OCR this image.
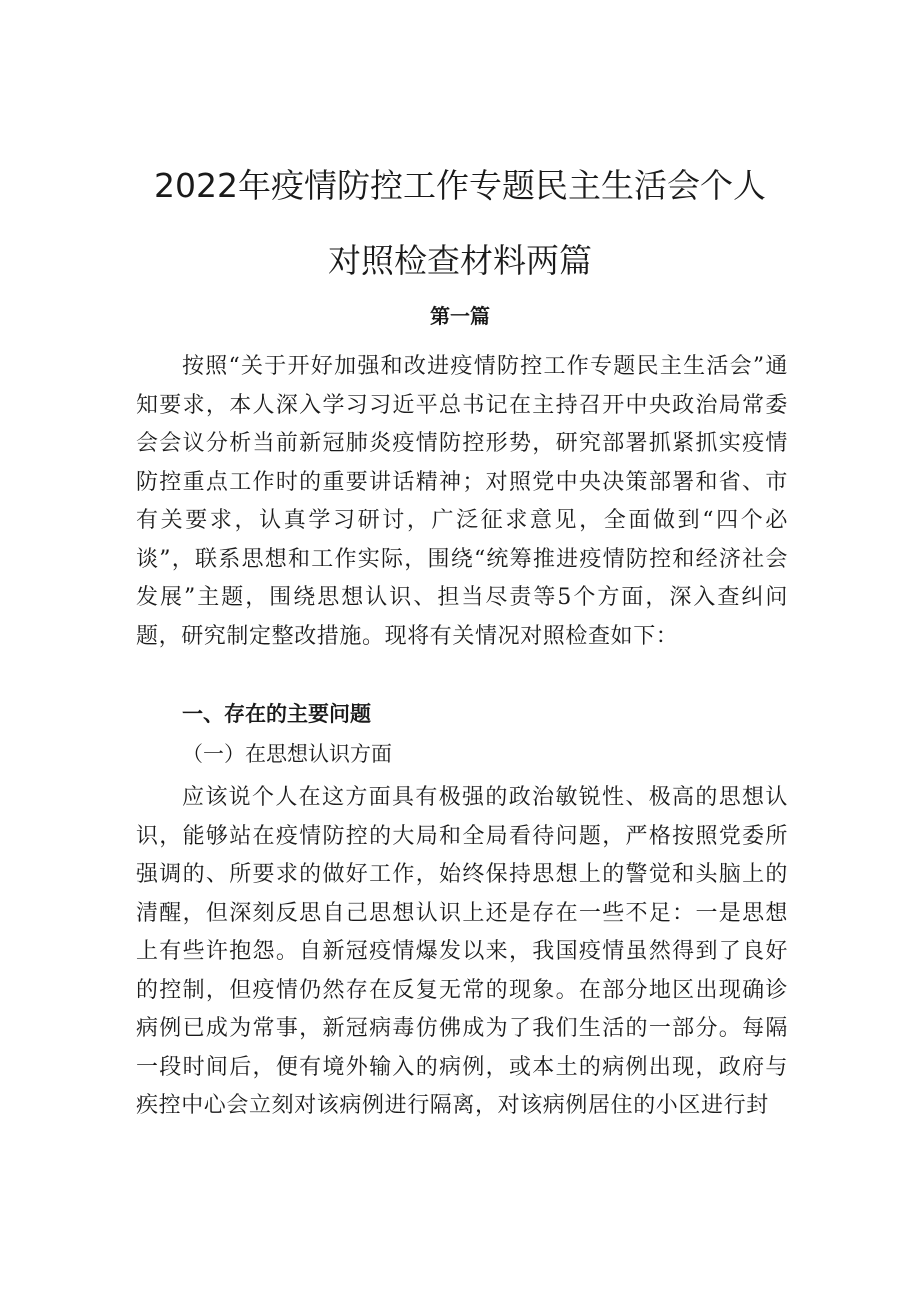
2022年疫情防控工作专题民主生活会个人
对照检查材料两篇
第一篇
按照“关于开好加强和改进疫情防控工作专题民主生活会”通知要求，本人深入学习习近平总书记在主持召开中央政治局常委会会议分析当前新冠肺炎疫情防控形势，研究部署抓紧抓实疫情防控重点工作时的重要讲话精神；对照党中央决策部署和省、市有关要求，认真学习研讨，广泛征求意见，全面做到“四个必谈”，联系思想和工作实际，围绕“统筹推进疫情防控和经济社会发展”主题，围绕思想认识、担当尽责等5个方面，深入查纠问题，研究制定整改措施。现将有关情况对照检查如下：
一、存在的主要问题
（一）在思想认识方面
应该说个人在这方面具有极强的政治敏锐性、极高的思想认识，能够站在疫情防控的大局和全局看待问题，严格按照党委所强调的、所要求的做好工作，始终保持思想上的警觉和头脑上的清醒，但深刻反思自己思想认识上还是存在一些不足：一是思想上有些许抱怨。自新冠疫情爆发以来，我国疫情虽然得到了良好的控制，但疫情仍然存在反复无常的现象。在部分地区出现确诊病例已成为常事，新冠病毒仿佛成为了我们生活的一部分。每隔一段时间后，便有境外输入的病例，或本土的病例出现，政府与疾控中心会立刻对该病例进行隔离，对该病例居住的小区进行封
